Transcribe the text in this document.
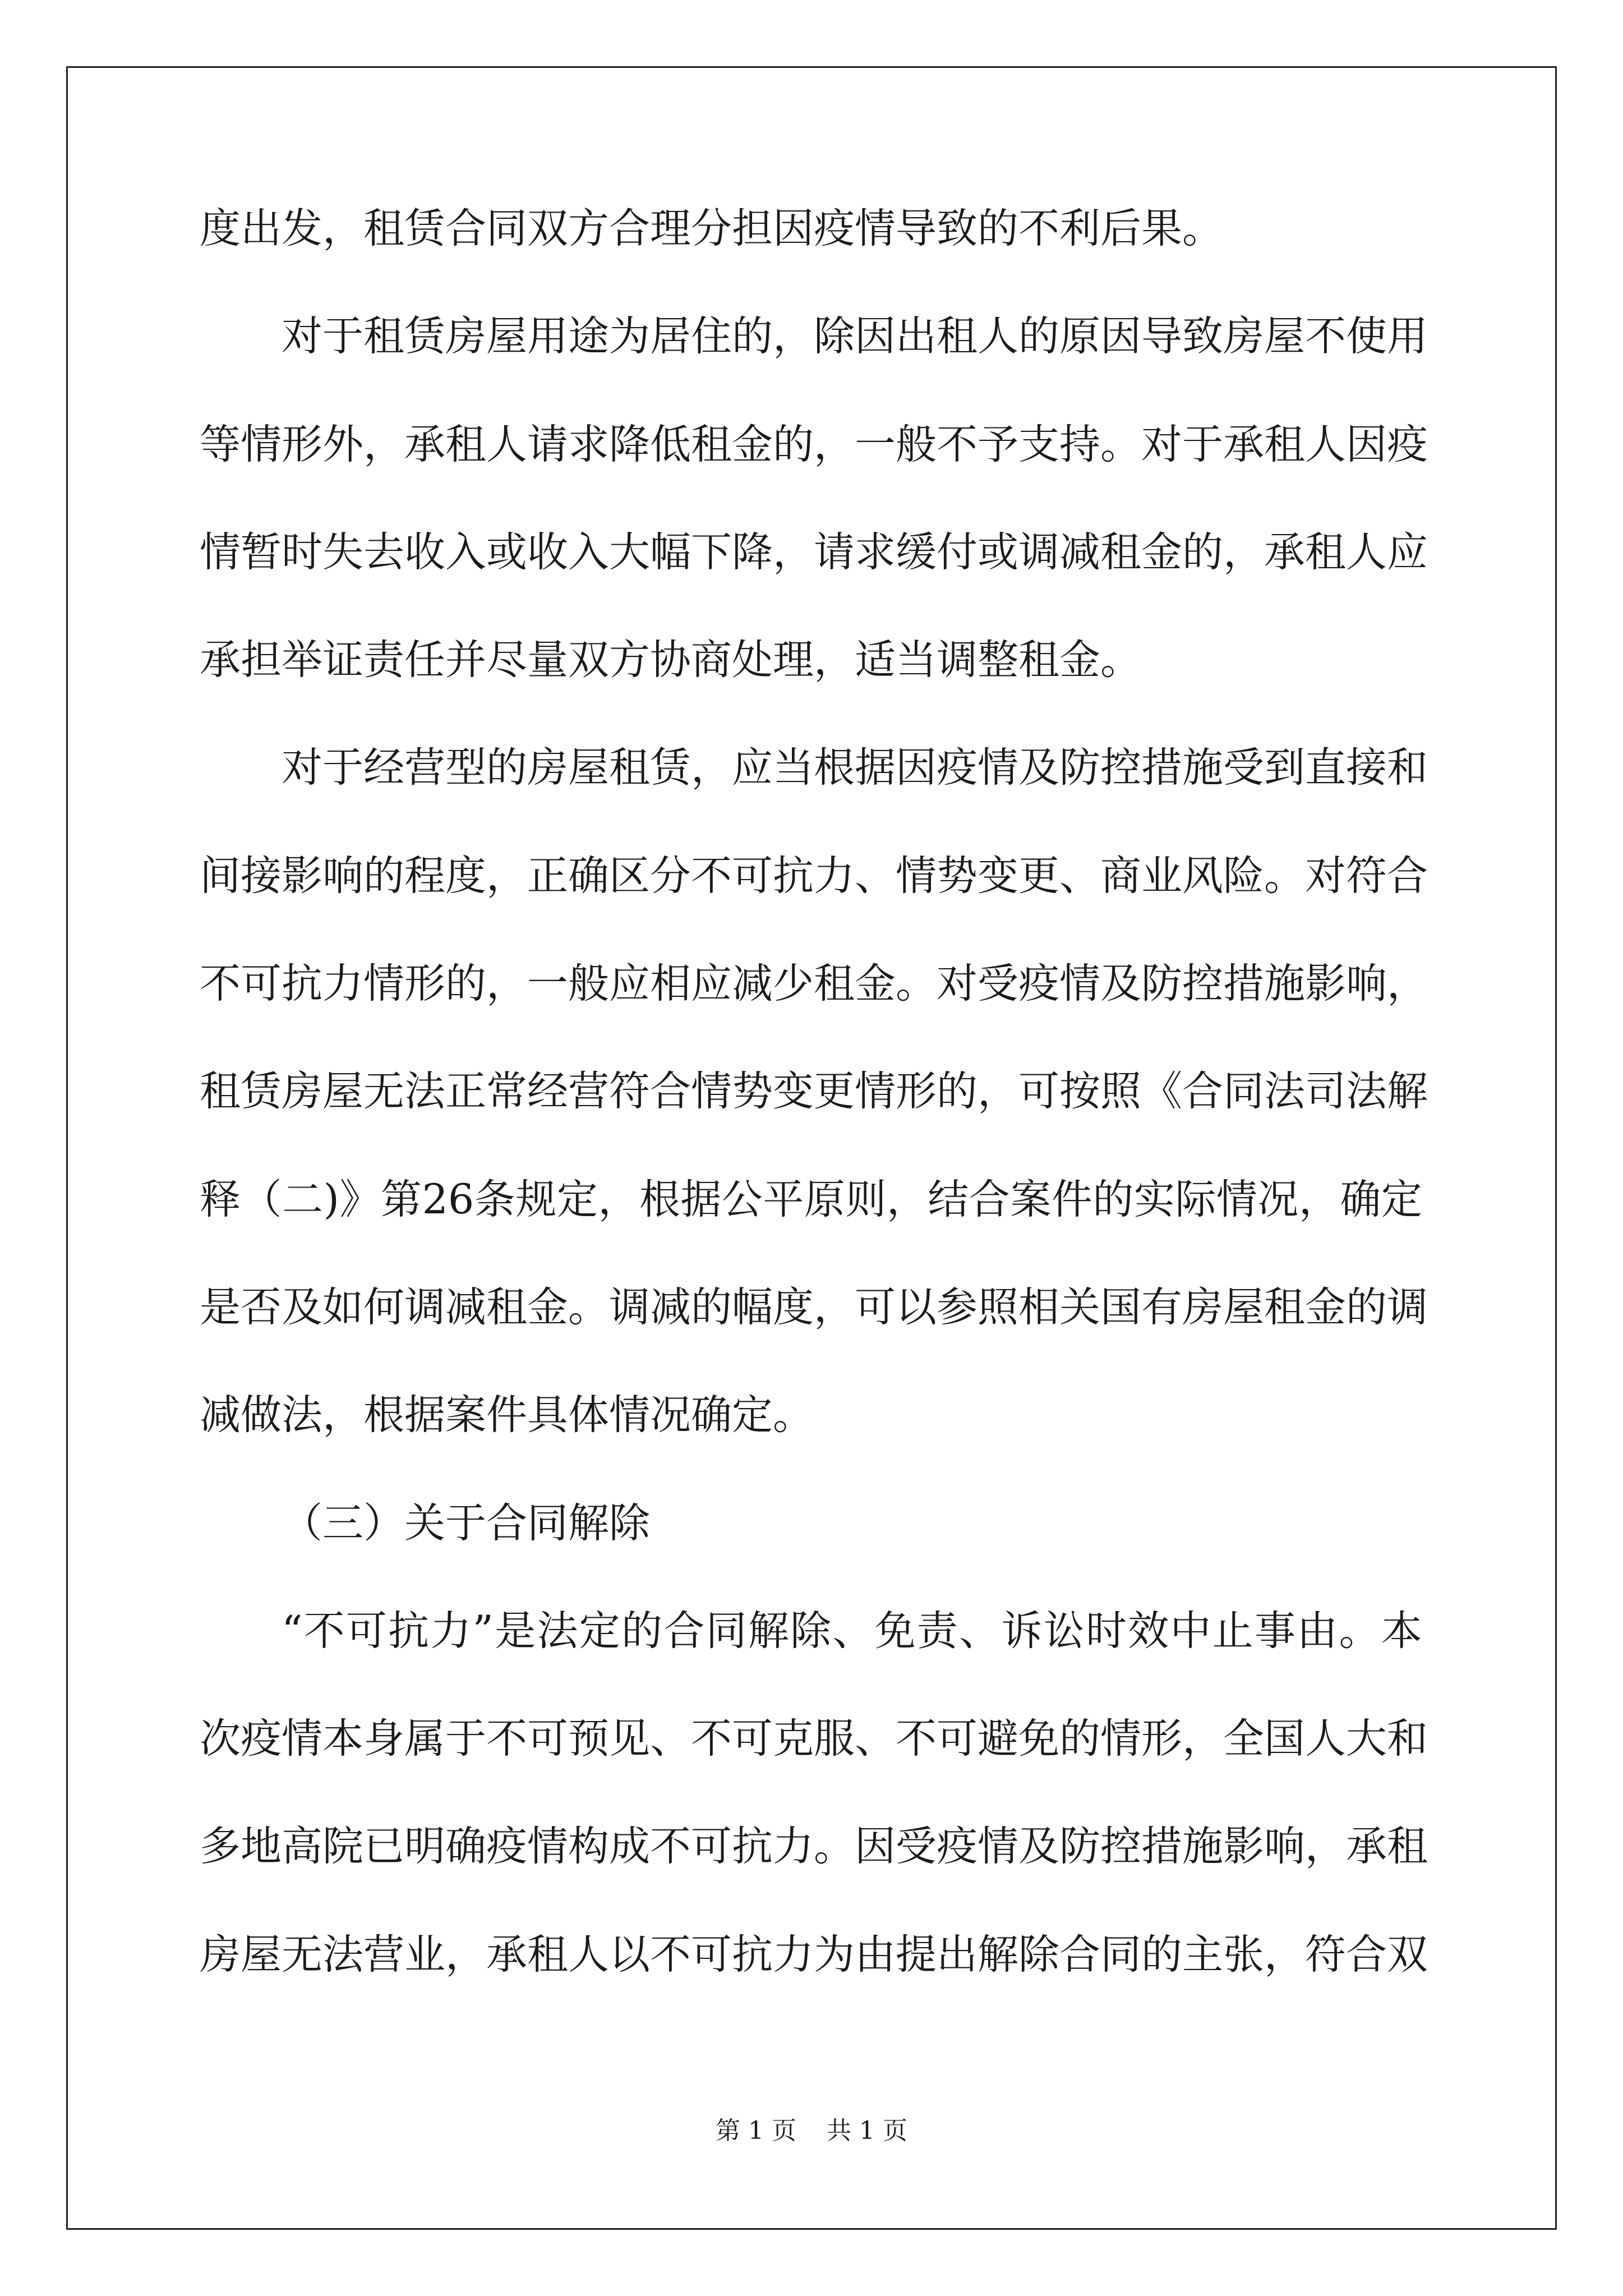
度出发，租赁合同双方合理分担因疫情导致的不利后果。
对 于 租 赁 房 屋 用 途 为 居 住 的 ， 除 因 出 租 人 的 原 因 导 致 房 屋 不 使 用
等 情 形 外 ， 承 租 人 请 求 降 低 租 金 的 ， 一 般 不 予 支 持 。 对 于 承 租 人 因 疫
情 暂 时 失 去 收 入 或 收 入 大 幅 下 降 ， 请 求 缓 付 或 调 减 租 金 的 ， 承 租 人 应
承担举证责任并尽量双方协商处理，适当调整租金。
对 于 经 营 型 的 房 屋 租 赁 ， 应 当 根 据 因 疫 情 及 防 控 措 施 受 到 直 接 和
间 接 影 响 的 程 度 ， 正 确 区 分 不 可 抗 力 、 情 势 变 更 、 商 业 风 险 。 对 符 合
不 可 抗 力 情 形 的 ， 一 般 应 相 应 减 少 租 金 。 对 受 疫 情 及 防 控 措 施 影 响 ，
租 赁 房 屋 无 法 正 常 经 营 符 合 情 势 变 更 情 形 的 ， 可 按 照 《 合 同 法 司 法 解
释 （ 二 ) 》 第 26 条 规 定 ， 根 据 公 平 原 则 ， 结 合 案 件 的 实 际 情 况 ， 确 定
是 否 及 如 何 调 减 租 金 。 调 减 的 幅 度 ， 可 以 参 照 相 关 国 有 房 屋 租 金 的 调
减做法，根据案件具体情况确定。
（三）关于合同解除
“ 不 可 抗 力 ” 是 法 定 的 合 同 解 除 、 免 责 、 诉 讼 时 效 中 止 事 由 。 本
次 疫 情 本 身 属 于 不 可 预 见 、 不 可 克 服 、 不 可 避 免 的 情 形 ， 全 国 人 大 和
多 地 高 院 已 明 确 疫 情 构 成 不 可 抗 力 。 因 受 疫 情 及 防 控 措 施 影 响 ， 承 租
房 屋 无 法 营 业 ， 承 租 人 以 不 可 抗 力 为 由 提 出 解 除 合 同 的 主 张 ， 符 合 双
第 1 页 共 1 页
